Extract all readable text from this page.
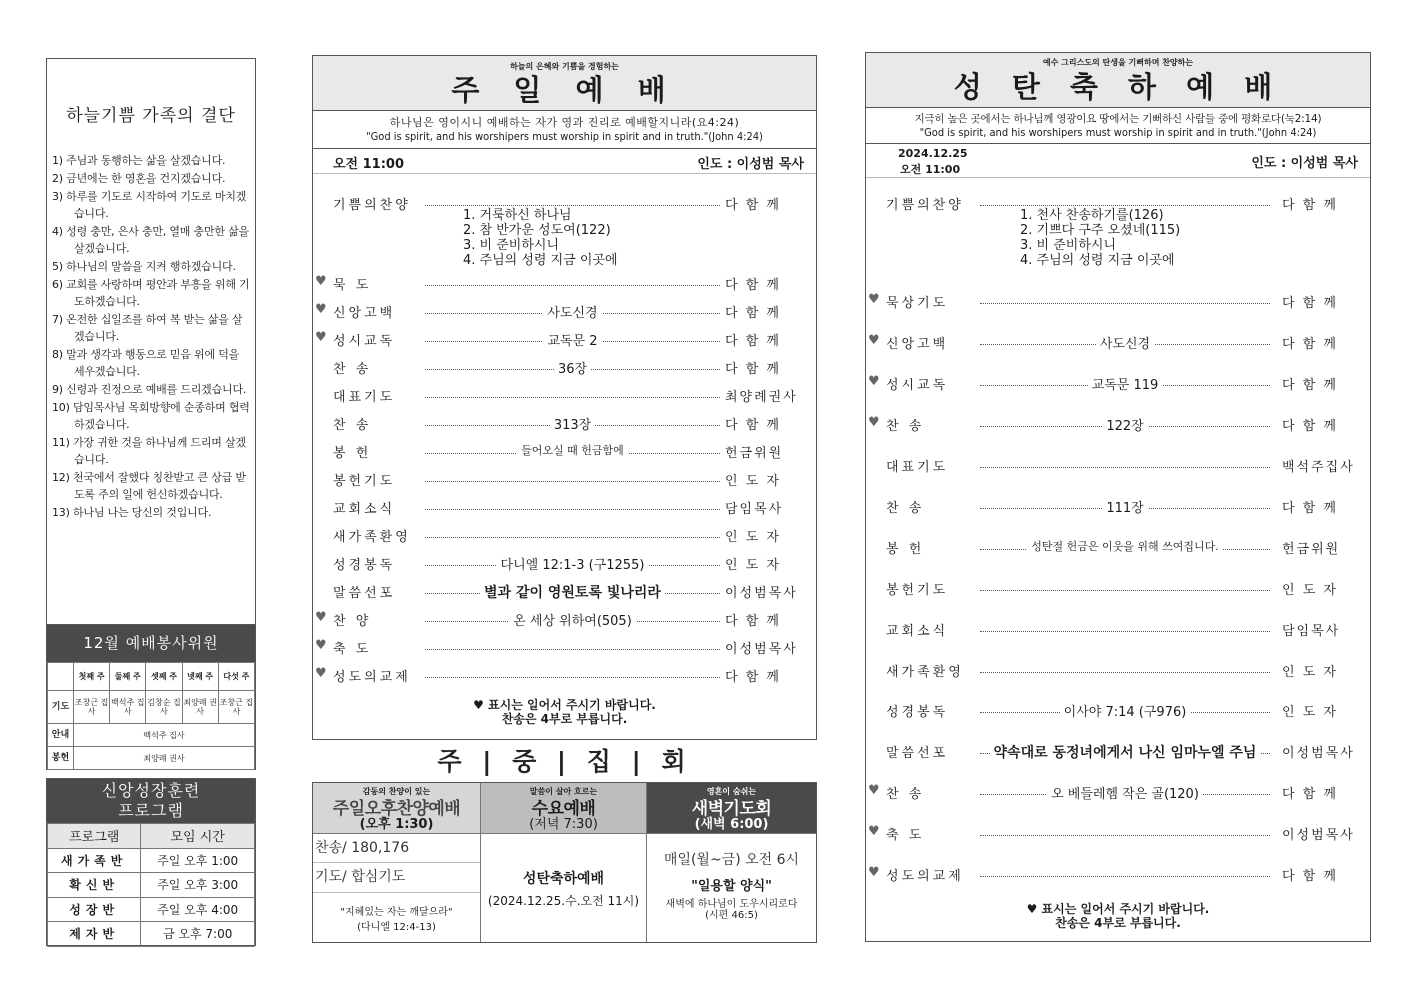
하늘기쁨 가족의 결단
1) 주님과 동행하는 삶을 살겠습니다.
2) 금년에는 한 영혼을 건지겠습니다.
3) 하루를 기도로 시작하여 기도로 마치겠습니다.
4) 성령 충만, 은사 충만, 열매 충만한 삶을 살겠습니다.
5) 하나님의 말씀을 지켜 행하겠습니다.
6) 교회를 사랑하며 평안과 부흥을 위해 기도하겠습니다.
7) 온전한 십일조를 하여 복 받는 삶을 살겠습니다.
8) 말과 생각과 행동으로 믿음 위에 덕을 세우겠습니다.
9) 신령과 진정으로 예배를 드리겠습니다.
10) 담임목사님 목회방향에 순종하며 협력하겠습니다.
11) 가장 귀한 것을 하나님께 드리며 살겠습니다.
12) 천국에서 잘했다 칭찬받고 큰 상급 받도록 주의 일에 헌신하겠습니다.
13) 하나님 나는 당신의 것입니다.
12월 예배봉사위원
	첫째 주	둘째 주	셋째 주	넷째 주	다섯 주
기도	조창근 집사	백석주 집사	김창순 집사	최양례 권사	조창근 집사
안내	백석주 집사				
봉헌	최양례 권사				
신앙성장훈련 프로그램
프로그램	모임 시간
새가족반	주일 오후 1:00
확신반	주일 오후 3:00
성장반	주일 오후 4:00
제자반	금 오후 7:00
하늘의 은혜와 기쁨을 경험하는
주 일 예 배
하나님은 영이시니 예배하는 자가 영과 진리로 예배할지니라(요4:24)
"God is spirit, and his worshipers must worship in spirit and in truth."(John 4:24)
오전 11:00	인도 : 이성범 목사
기쁨의찬양	다 함 께
♥ 묵 도	다 함 께
♥ 신앙고백	사도신경	다 함 께
♥ 성시교독	교독문 2	다 함 께
찬 송	36장	다 함 께
대표기도	최양례권사
찬 송	313장	다 함 께
봉 헌	들어오실 때 헌금함에	헌금위원
봉헌기도	인 도 자
교회소식	담임목사
새가족환영	인 도 자
성경봉독	다니엘 12:1-3 (구1255)	인 도 자
말씀선포	별과 같이 영원토록 빛나리라	이성범목사
♥ 찬 양	온 세상 위하여(505)	다 함 께
♥ 축 도	이성범목사
♥ 성도의교제	다 함 께
1. 거룩하신 하나님
2. 참 반가운 성도여(122)
3. 비 준비하시니
4. 주님의 성령 지금 이곳에
♥ 표시는 일어서 주시기 바랍니다.
찬송은 4부로 부릅니다.
주 | 중 | 집 | 회
감동의 찬양이 있는
주일오후찬양예배
(오후 1:30)
찬송/ 180,176
기도/ 합심기도
"지혜있는 자는 깨달으라"
(다니엘 12:4-13)
말씀이 살아 흐르는
수요예배
(저녁 7:30)
성탄축하예배
(2024.12.25.수.오전 11시)
영혼이 숨쉬는
새벽기도회
(새벽 6:00)
매일(월~금) 오전 6시
"일용할 양식"
새벽에 하나님이 도우시리로다
(시편 46:5)
예수 그리스도의 탄생을 기뻐하며 찬양하는
성 탄 축 하 예 배
지극히 높은 곳에서는 하나님께 영광이요 땅에서는 기뻐하신 사람들 중에 평화로다(눅2:14)
"God is spirit, and his worshipers must worship in spirit and in truth."(John 4:24)
2024.12.25
오전 11:00	인도 : 이성범 목사
기쁨의찬양	다 함 께
♥ 묵상기도	다 함 께
♥ 신앙고백	사도신경	다 함 께
♥ 성시교독	교독문 119	다 함 께
♥ 찬 송	122장	다 함 께
대표기도	백석주집사
찬 송	111장	다 함 께
봉 헌	성탄절 헌금은 이웃을 위해 쓰여집니다.	헌금위원
봉헌기도	인 도 자
교회소식	담임목사
새가족환영	인 도 자
성경봉독	이사야 7:14 (구976)	인 도 자
말씀선포	약속대로 동정녀에게서 나신 임마누엘 주님	이성범목사
♥ 찬 송	오 베들레헴 작은 골(120)	다 함 께
♥ 축 도	이성범목사
♥ 성도의교제	다 함 께
1. 천사 찬송하기를(126)
2. 기쁘다 구주 오셨네(115)
3. 비 준비하시니
4. 주님의 성령 지금 이곳에
♥ 표시는 일어서 주시기 바랍니다.
찬송은 4부로 부릅니다.
